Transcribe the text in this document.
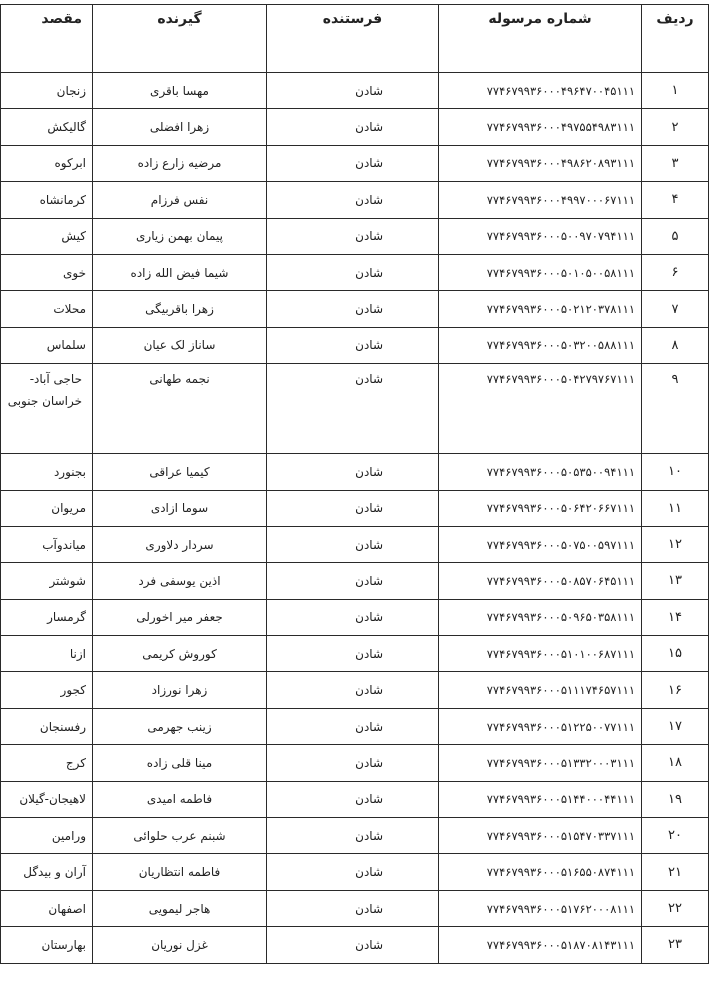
ردیف	شماره مرسوله	فرستنده	گیرنده	مقصد
۱	۷۷۴۶۷۹۹۳۶۰۰۰۴۹۶۴۷۰۰۴۵۱۱۱	شادن	مهسا باقری	زنجان
۲	۷۷۴۶۷۹۹۳۶۰۰۰۴۹۷۵۵۴۹۸۳۱۱۱	شادن	زهرا افضلی	گالیکش
۳	۷۷۴۶۷۹۹۳۶۰۰۰۴۹۸۶۲۰۸۹۳۱۱۱	شادن	مرضیه زارع زاده	ابرکوه
۴	۷۷۴۶۷۹۹۳۶۰۰۰۴۹۹۷۰۰۰۶۷۱۱۱	شادن	نفس فرزام	کرمانشاه
۵	۷۷۴۶۷۹۹۳۶۰۰۰۵۰۰۹۷۰۷۹۴۱۱۱	شادن	پیمان بهمن زیاری	کیش
۶	۷۷۴۶۷۹۹۳۶۰۰۰۵۰۱۰۵۰۰۵۸۱۱۱	شادن	شیما فیض الله زاده	خوی
۷	۷۷۴۶۷۹۹۳۶۰۰۰۵۰۲۱۲۰۳۷۸۱۱۱	شادن	زهرا باقربیگی	محلات
۸	۷۷۴۶۷۹۹۳۶۰۰۰۵۰۳۲۰۰۵۸۸۱۱۱	شادن	ساناز لک عیان	سلماس
۹	۷۷۴۶۷۹۹۳۶۰۰۰۵۰۴۲۷۹۷۶۷۱۱۱	شادن	نجمه طهانی	حاجی آباد-خراسان جنوبی
۱۰	۷۷۴۶۷۹۹۳۶۰۰۰۵۰۵۳۵۰۰۹۴۱۱۱	شادن	کیمیا عراقی	بجنورد
۱۱	۷۷۴۶۷۹۹۳۶۰۰۰۵۰۶۴۲۰۶۶۷۱۱۱	شادن	سوما ازادی	مریوان
۱۲	۷۷۴۶۷۹۹۳۶۰۰۰۵۰۷۵۰۰۵۹۷۱۱۱	شادن	سردار دلاوری	میاندوآب
۱۳	۷۷۴۶۷۹۹۳۶۰۰۰۵۰۸۵۷۰۶۴۵۱۱۱	شادن	اذین یوسفی فرد	شوشتر
۱۴	۷۷۴۶۷۹۹۳۶۰۰۰۵۰۹۶۵۰۳۵۸۱۱۱	شادن	جعفر میر اخورلی	گرمسار
۱۵	۷۷۴۶۷۹۹۳۶۰۰۰۵۱۰۱۰۰۶۸۷۱۱۱	شادن	کوروش کریمی	ازنا
۱۶	۷۷۴۶۷۹۹۳۶۰۰۰۵۱۱۱۷۴۶۵۷۱۱۱	شادن	زهرا نورزاد	کجور
۱۷	۷۷۴۶۷۹۹۳۶۰۰۰۵۱۲۲۵۰۰۷۷۱۱۱	شادن	زینب جهرمی	رفسنجان
۱۸	۷۷۴۶۷۹۹۳۶۰۰۰۵۱۳۳۲۰۰۰۳۱۱۱	شادن	مینا قلی زاده	کرج
۱۹	۷۷۴۶۷۹۹۳۶۰۰۰۵۱۴۴۰۰۰۴۴۱۱۱	شادن	فاطمه امیدی	لاهیجان-گیلان
۲۰	۷۷۴۶۷۹۹۳۶۰۰۰۵۱۵۴۷۰۳۳۷۱۱۱	شادن	شبنم عرب حلوائی	ورامین
۲۱	۷۷۴۶۷۹۹۳۶۰۰۰۵۱۶۵۵۰۸۷۴۱۱۱	شادن	فاطمه انتظاریان	آران و بیدگل
۲۲	۷۷۴۶۷۹۹۳۶۰۰۰۵۱۷۶۲۰۰۰۸۱۱۱	شادن	هاجر لیمویی	اصفهان
۲۳	۷۷۴۶۷۹۹۳۶۰۰۰۵۱۸۷۰۸۱۴۳۱۱۱	شادن	غزل نوریان	بهارستان
